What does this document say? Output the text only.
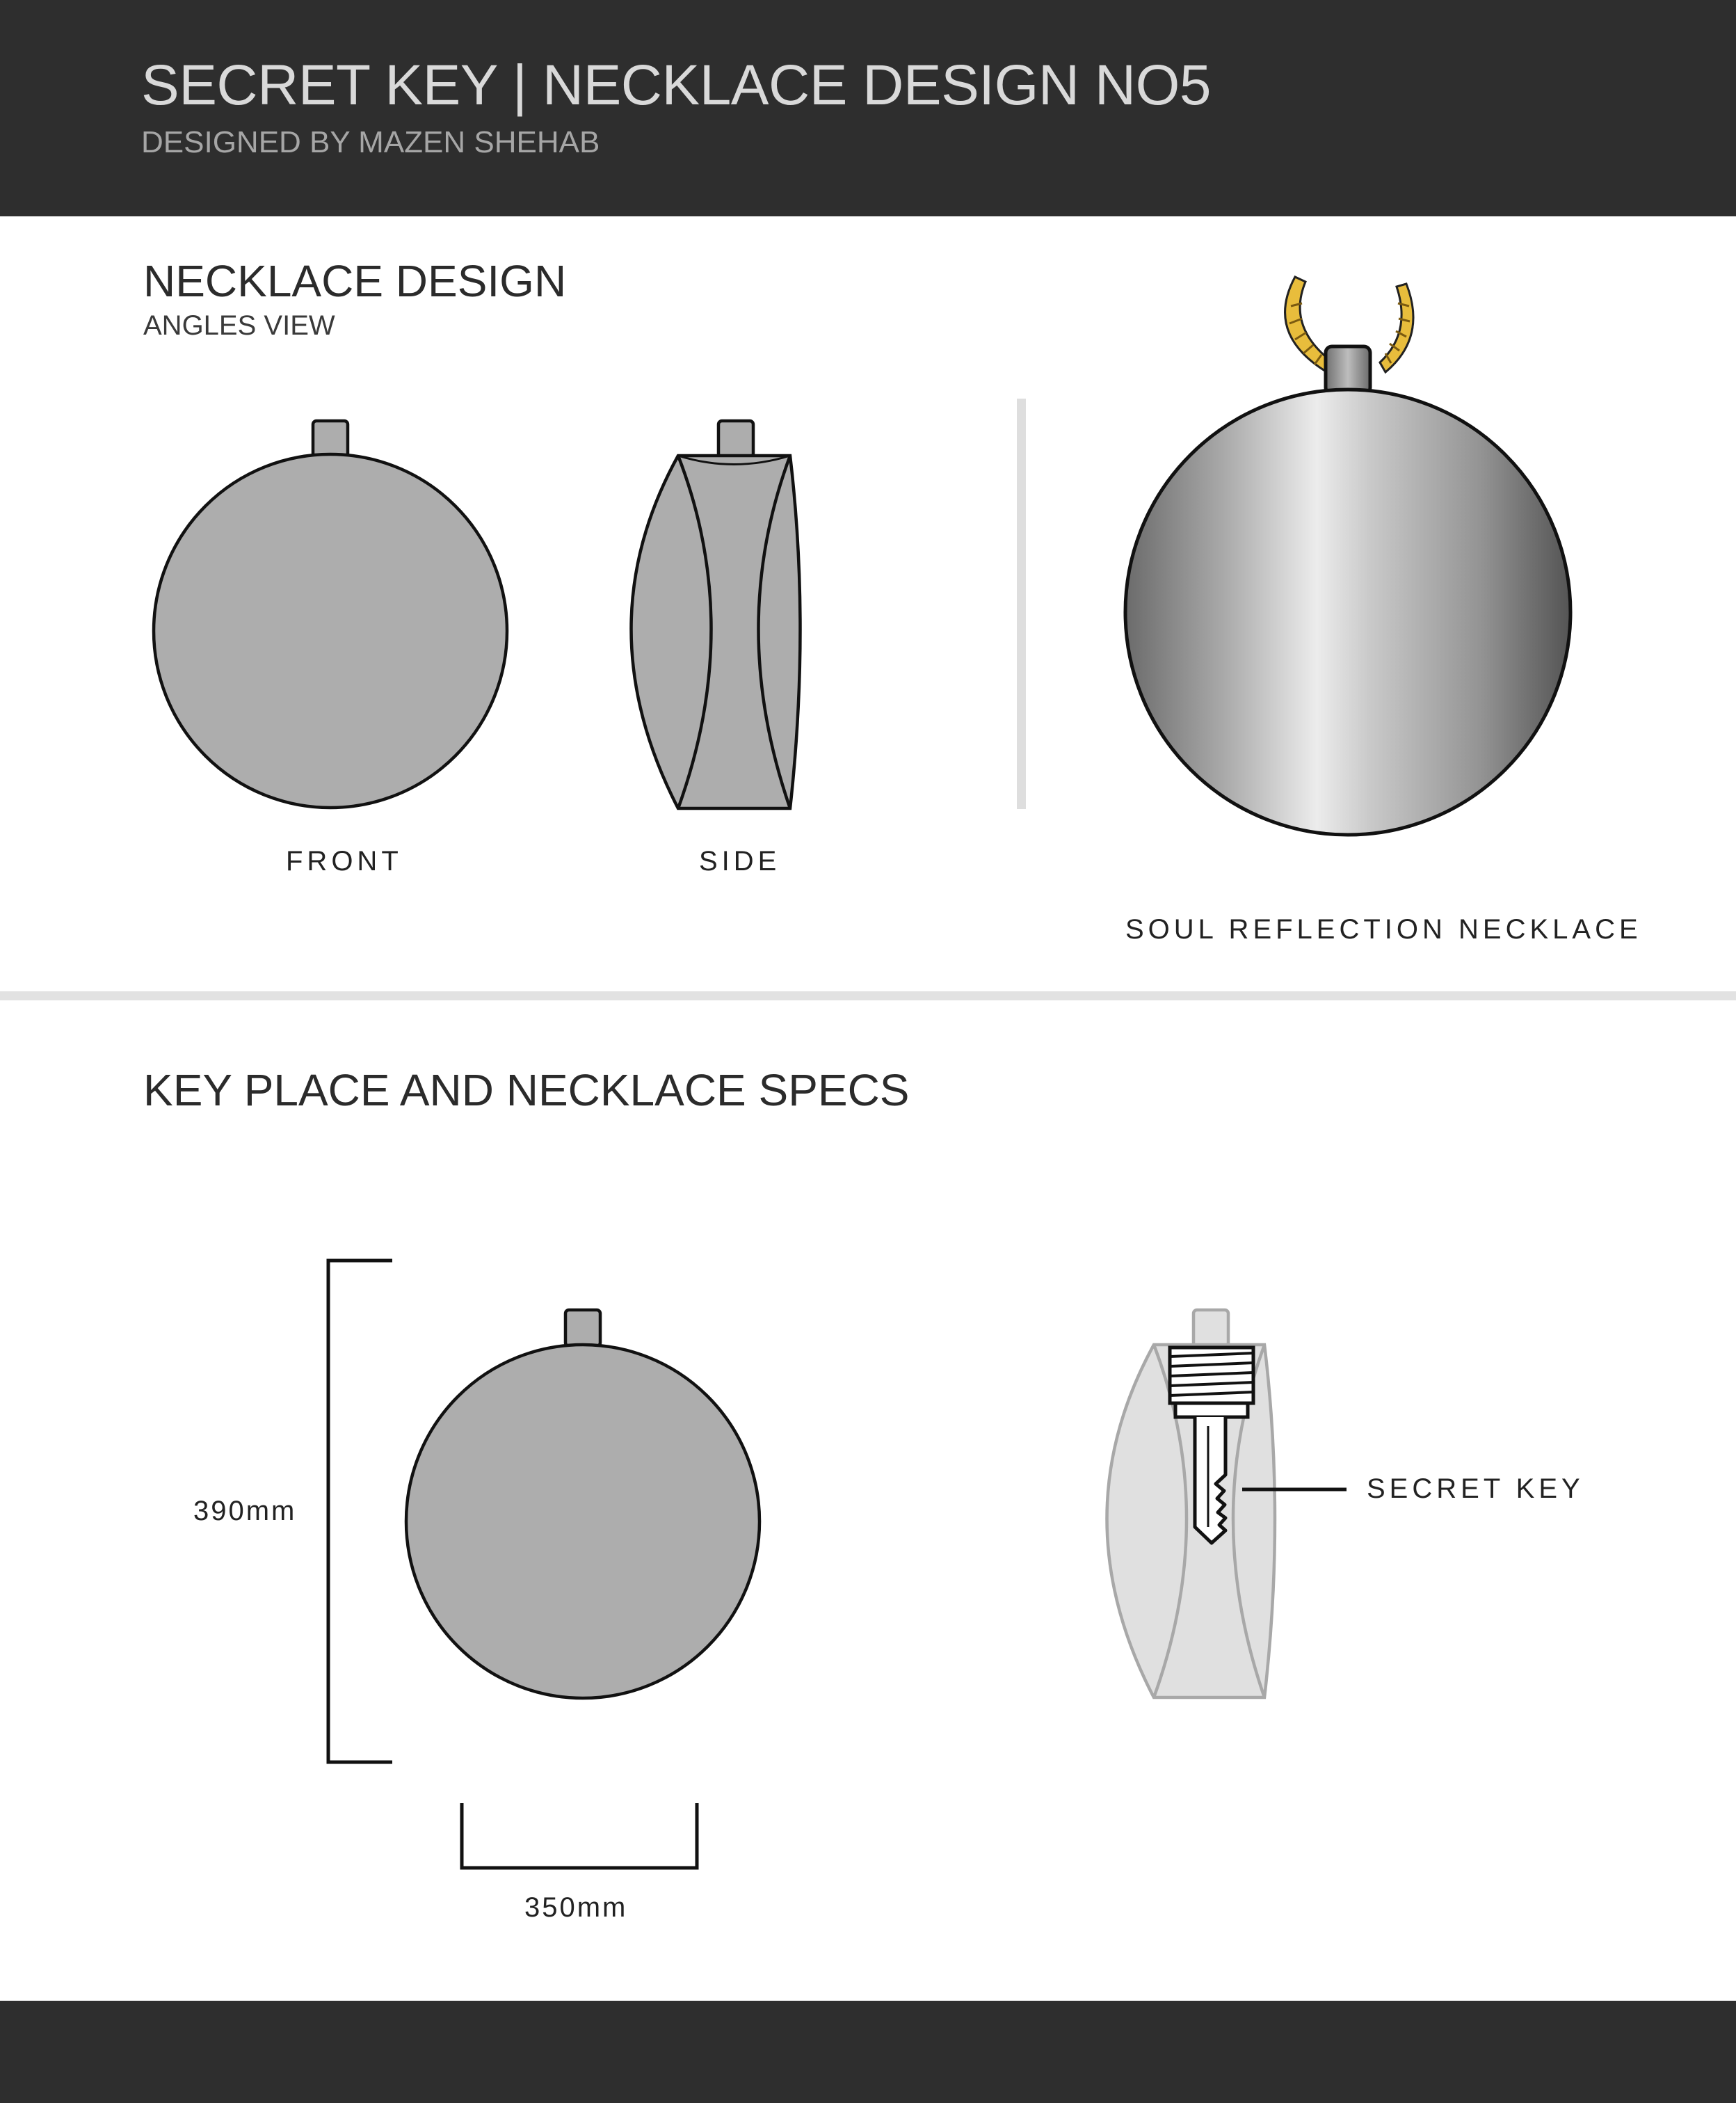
SECRET KEY | NECKLACE DESIGN NO5
DESIGNED BY MAZEN SHEHAB
NECKLACE DESIGN
ANGLES VIEW
FRONT	SIDE
SOUL REFLECTION NECKLACE
KEY PLACE AND NECKLACE SPECS
390mm
350mm
SECRET KEY
